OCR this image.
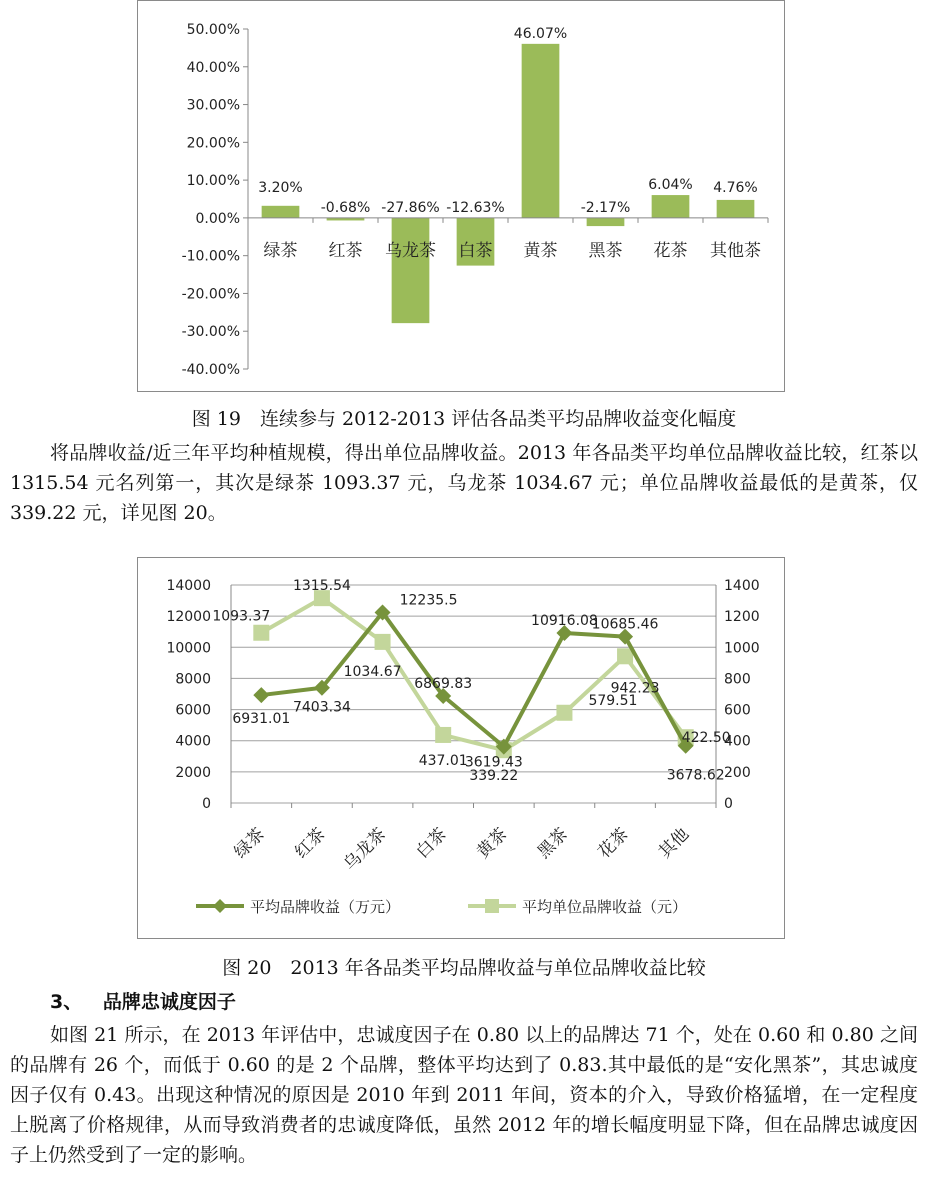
50.00%
40.00%
30.00%
20.00%
10.00%
0.00%
-10.00%
-20.00%
-30.00%
-40.00%
3.20%
-0.68% -27.86% -12.63%
46.07%
-2.17%
6.04% 4.76%
绿茶 红茶 乌龙茶 白茶 黄茶 黑茶 花茶 其他茶
图 19　连续参与 2012-2013 评估各品类平均品牌收益变化幅度
将品牌收益/近三年平均种植规模，得出单位品牌收益。2013 年各品类平均单位品牌收益比较，红茶以 1315.54 元名列第一，其次是绿茶 1093.37 元，乌龙茶 1034.67 元；单位品牌收益最低的是黄茶，仅 339.22 元，详见图 20。
14000	1400
12000	1200
10000	1000
8000	800
6000	600
4000	400
2000	200
0	0
6931.01
7403.34
12235.5
6869.83
3619.43
10916.08
10685.46
3678.62
1093.37
1315.54
1034.67
437.01
339.22
579.51
942.23
422.50
绿茶 红茶 乌龙茶 白茶 黄茶 黑茶 花茶 其他
平均品牌收益（万元）	平均单位品牌收益（元）
图 20　2013 年各品类平均品牌收益与单位品牌收益比较
3、 品牌忠诚度因子
如图 21 所示，在 2013 年评估中，忠诚度因子在 0.80 以上的品牌达 71 个，处在 0.60 和 0.80 之间的品牌有 26 个，而低于 0.60 的是 2 个品牌，整体平均达到了 0.83.其中最低的是“安化黑茶”，其忠诚度因子仅有 0.43。出现这种情况的原因是 2010 年到 2011 年间，资本的介入，导致价格猛增，在一定程度上脱离了价格规律，从而导致消费者的忠诚度降低，虽然 2012 年的增长幅度明显下降，但在品牌忠诚度因子上仍然受到了一定的影响。
